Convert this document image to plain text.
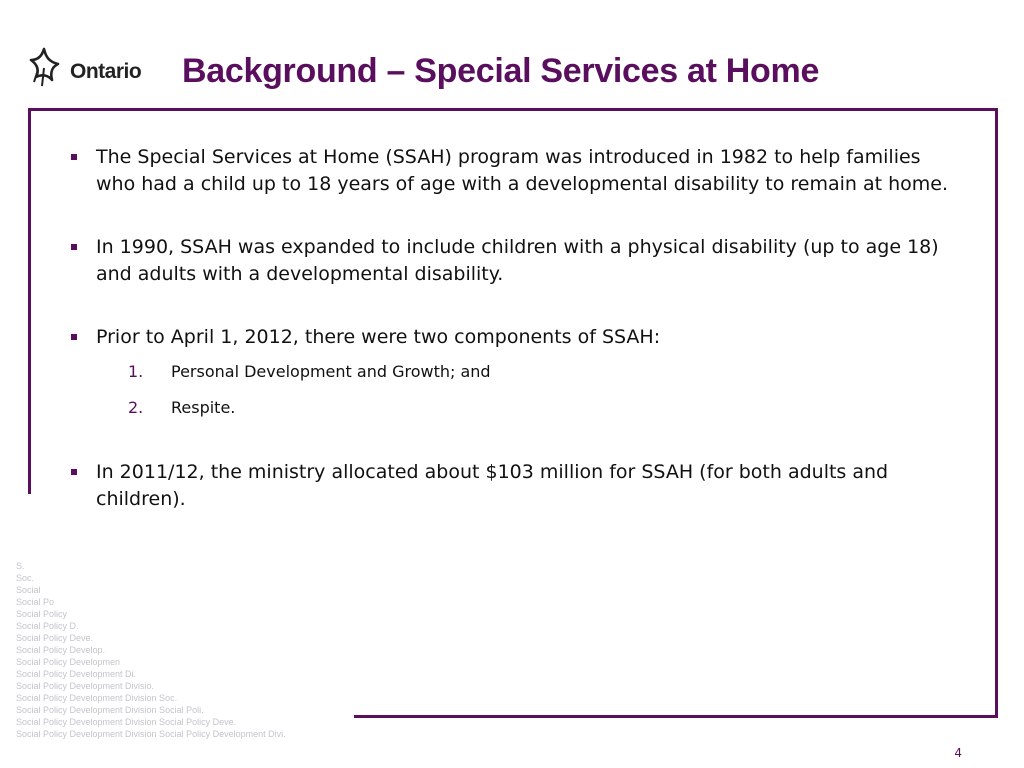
Ontario Background – Special Services at Home
The Special Services at Home (SSAH) program was introduced in 1982 to help families who had a child up to 18 years of age with a developmental disability to remain at home.
In 1990, SSAH was expanded to include children with a physical disability (up to age 18) and adults with a developmental disability.
Prior to April 1, 2012, there were two components of SSAH:
1. Personal Development and Growth; and
2. Respite.
In 2011/12, the ministry allocated about $103 million for SSAH (for both adults and children).
S.
Soc.
Social
Social Po
Social Policy
Social Policy D.
Social Policy Deve.
Social Policy Develop.
Social Policy Developmen
Social Policy Development Di.
Social Policy Development Divisio.
Social Policy Development Division Soc.
Social Policy Development Division Social Poli.
Social Policy Development Division Social Policy Deve.
Social Policy Development Division Social Policy Development Divi.
4
